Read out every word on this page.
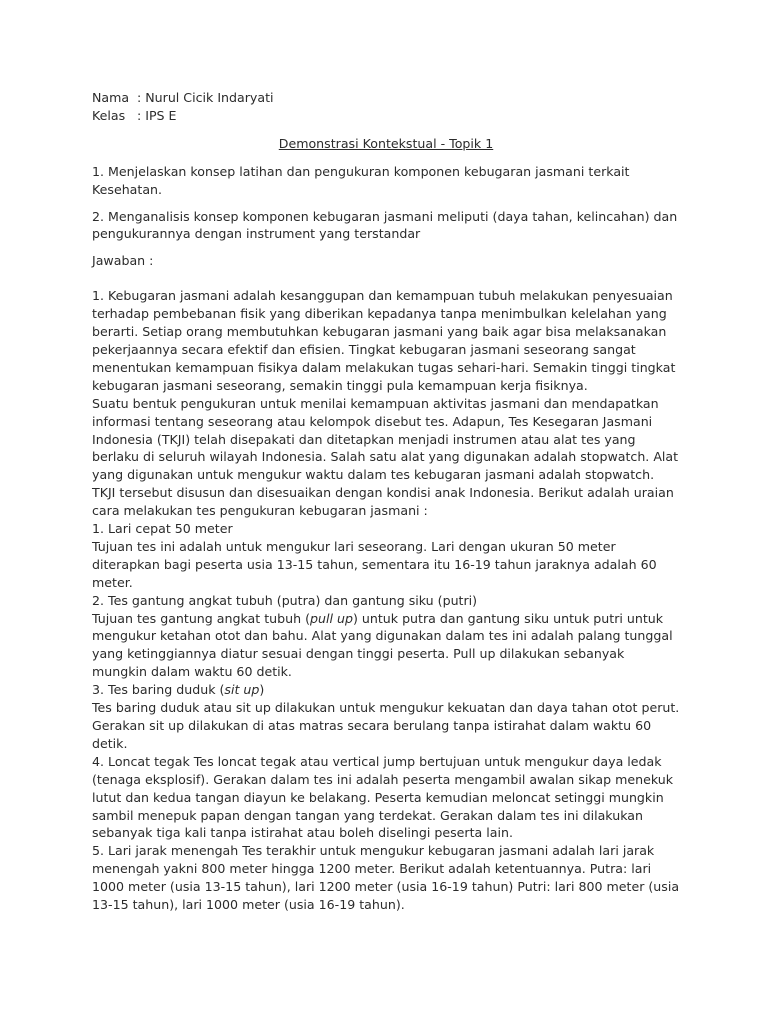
Nama : Nurul Cicik Indaryati
Kelas : IPS E
Demonstrasi Kontekstual - Topik 1

1. Menjelaskan konsep latihan dan pengukuran komponen kebugaran jasmani terkait Kesehatan.

2. Menganalisis konsep komponen kebugaran jasmani meliputi (daya tahan, kelincahan) dan pengukurannya dengan instrument yang terstandar

Jawaban :

1. Kebugaran jasmani adalah kesanggupan dan kemampuan tubuh melakukan penyesuaian terhadap pembebanan fisik yang diberikan kepadanya tanpa menimbulkan kelelahan yang berarti. Setiap orang membutuhkan kebugaran jasmani yang baik agar bisa melaksanakan pekerjaannya secara efektif dan efisien. Tingkat kebugaran jasmani seseorang sangat menentukan kemampuan fisikya dalam melakukan tugas sehari-hari. Semakin tinggi tingkat kebugaran jasmani seseorang, semakin tinggi pula kemampuan kerja fisiknya.

Suatu bentuk pengukuran untuk menilai kemampuan aktivitas jasmani dan mendapatkan informasi tentang seseorang atau kelompok disebut tes. Adapun, Tes Kesegaran Jasmani Indonesia (TKJI) telah disepakati dan ditetapkan menjadi instrumen atau alat tes yang berlaku di seluruh wilayah Indonesia. Salah satu alat yang digunakan adalah stopwatch. Alat yang digunakan untuk mengukur waktu dalam tes kebugaran jasmani adalah stopwatch. TKJI tersebut disusun dan disesuaikan dengan kondisi anak Indonesia. Berikut adalah uraian cara melakukan tes pengukuran kebugaran jasmani :

1. Lari cepat 50 meter

Tujuan tes ini adalah untuk mengukur lari seseorang. Lari dengan ukuran 50 meter diterapkan bagi peserta usia 13-15 tahun, sementara itu 16-19 tahun jaraknya adalah 60 meter.

2. Tes gantung angkat tubuh (putra) dan gantung siku (putri)

Tujuan tes gantung angkat tubuh (pull up) untuk putra dan gantung siku untuk putri untuk mengukur ketahan otot dan bahu. Alat yang digunakan dalam tes ini adalah palang tunggal yang ketinggiannya diatur sesuai dengan tinggi peserta. Pull up dilakukan sebanyak mungkin dalam waktu 60 detik.

3. Tes baring duduk (sit up)

Tes baring duduk atau sit up dilakukan untuk mengukur kekuatan dan daya tahan otot perut. Gerakan sit up dilakukan di atas matras secara berulang tanpa istirahat dalam waktu 60 detik.

4. Loncat tegak Tes loncat tegak atau vertical jump bertujuan untuk mengukur daya ledak (tenaga eksplosif). Gerakan dalam tes ini adalah peserta mengambil awalan sikap menekuk lutut dan kedua tangan diayun ke belakang. Peserta kemudian meloncat setinggi mungkin sambil menepuk papan dengan tangan yang terdekat. Gerakan dalam tes ini dilakukan sebanyak tiga kali tanpa istirahat atau boleh diselingi peserta lain.

5. Lari jarak menengah Tes terakhir untuk mengukur kebugaran jasmani adalah lari jarak menengah yakni 800 meter hingga 1200 meter. Berikut adalah ketentuannya. Putra: lari 1000 meter (usia 13-15 tahun), lari 1200 meter (usia 16-19 tahun) Putri: lari 800 meter (usia 13-15 tahun), lari 1000 meter (usia 16-19 tahun).
